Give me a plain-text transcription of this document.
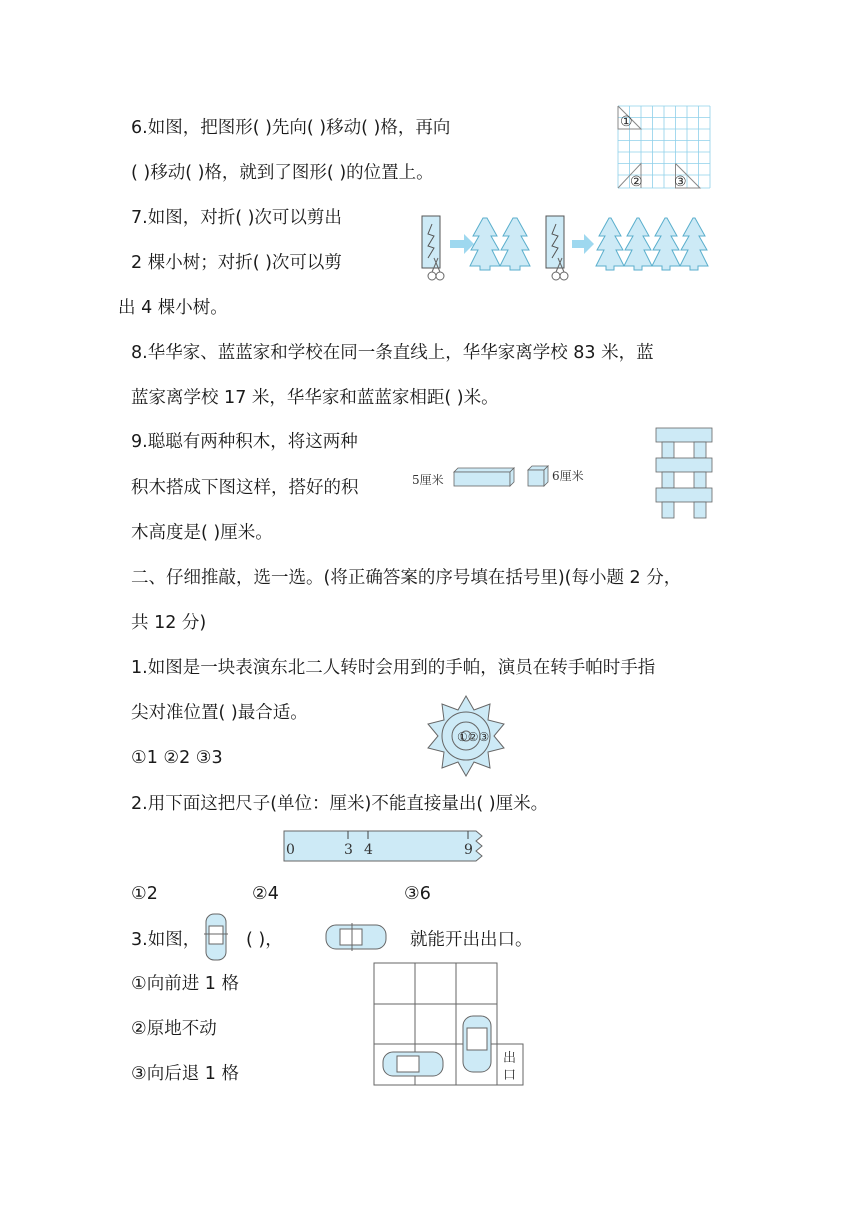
6.如图，把图形( )先向( )移动( )格，再向
( )移动( )格，就到了图形( )的位置上。
①
② ③
7.如图，对折( )次可以剪出
2 棵小树；对折( )次可以剪
出 4 棵小树。
8.华华家、蓝蓝家和学校在同一条直线上，华华家离学校 83 米，蓝
蓝家离学校 17 米，华华家和蓝蓝家相距( )米。
9.聪聪有两种积木，将这两种
积木搭成下图这样，搭好的积
木高度是( )厘米。
5厘米	6厘米
二、仔细推敲，选一选。(将正确答案的序号填在括号里)(每小题 2 分，
共 12 分)
1.如图是一块表演东北二人转时会用到的手帕，演员在转手帕时手指
尖对准位置( )最合适。
①1 ②2 ③3
①②③
2.用下面这把尺子(单位：厘米)不能直接量出( )厘米。
0	3 4	9
①2	②4	③6
3.如图，	( )，	就能开出出口。
①向前进 1 格
②原地不动
③向后退 1 格
出
口
